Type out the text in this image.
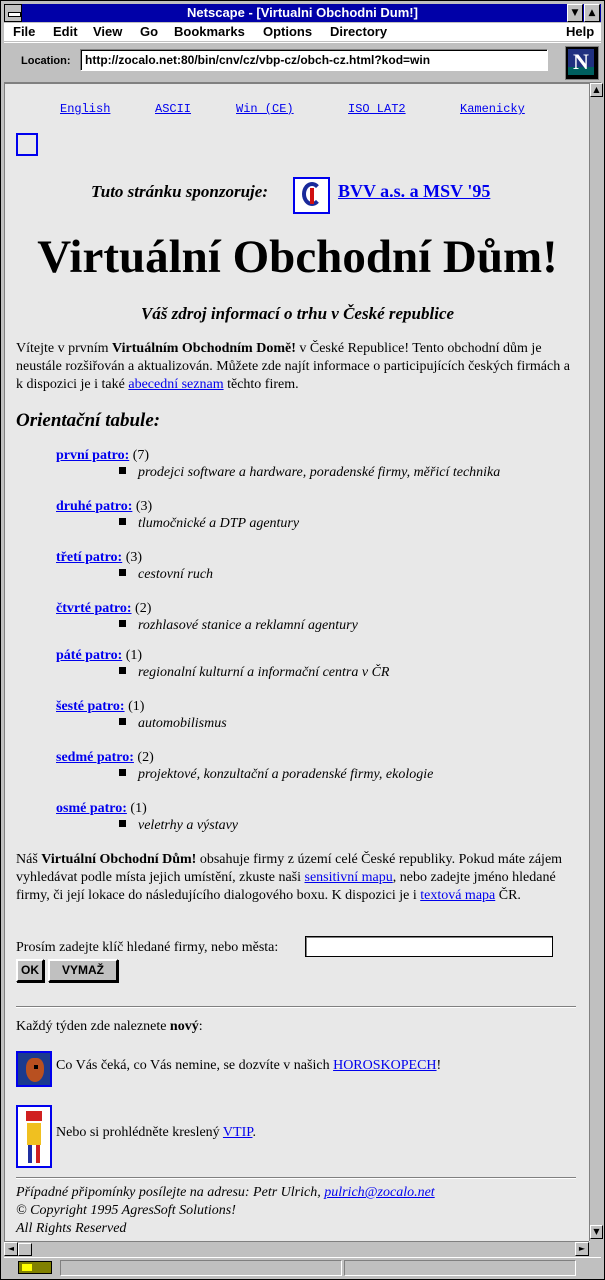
Netscape - [Virtualni Obchodni Dum!]	▼	▲
File Edit View Go Bookmarks Options Directory	Help
Location:	http://zocalo.net:80/bin/cnv/cz/vbp-cz/obch-cz.html?kod=win	N
English	ASCII	Win (CE)	ISO LAT2	Kamenicky
Tuto stránku sponzoruje:	BVV a.s. a MSV '95
Virtuální Obchodní Dům!
Váš zdroj informací o trhu v České republice
Vítejte v prvním Virtuálním Obchodním Domě! v České Republice! Tento obchodní dům je neustále rozšiřován a aktualizován. Můžete zde najít informace o participujících českých firmách a k dispozici je i také abecední seznam těchto firem.
Orientační tabule:
první patro: (7)
prodejci software a hardware, poradenské firmy, měřicí technika
druhé patro: (3)
tlumočnické a DTP agentury
třetí patro: (3)
cestovní ruch
čtvrté patro: (2)
rozhlasové stanice a reklamní agentury
páté patro: (1)
regionalní kulturní a informační centra v ČR
šesté patro: (1)
automobilismus
sedmé patro: (2)
projektové, konzultační a poradenské firmy, ekologie
osmé patro: (1)
veletrhy a výstavy
Náš Virtuální Obchodní Dům! obsahuje firmy z území celé České republiky. Pokud máte zájem vyhledávat podle místa jejich umístění, zkuste naši sensitivní mapu, nebo zadejte jméno hledané firmy, či její lokace do následujícího dialogového boxu. K dispozici je i textová mapa ČR.
Prosím zadejte klíč hledané firmy, nebo města:
OK	VYMAŽ
Každý týden zde naleznete nový:
Co Vás čeká, co Vás nemine, se dozvíte v našich HOROSKOPECH!
Nebo si prohlédněte kreslený VTIP.
Případné připomínky posílejte na adresu: Petr Ulrich, pulrich@zocalo.net
© Copyright 1995 AgresSoft Solutions!
All Rights Reserved
▲
▼
◄	►
